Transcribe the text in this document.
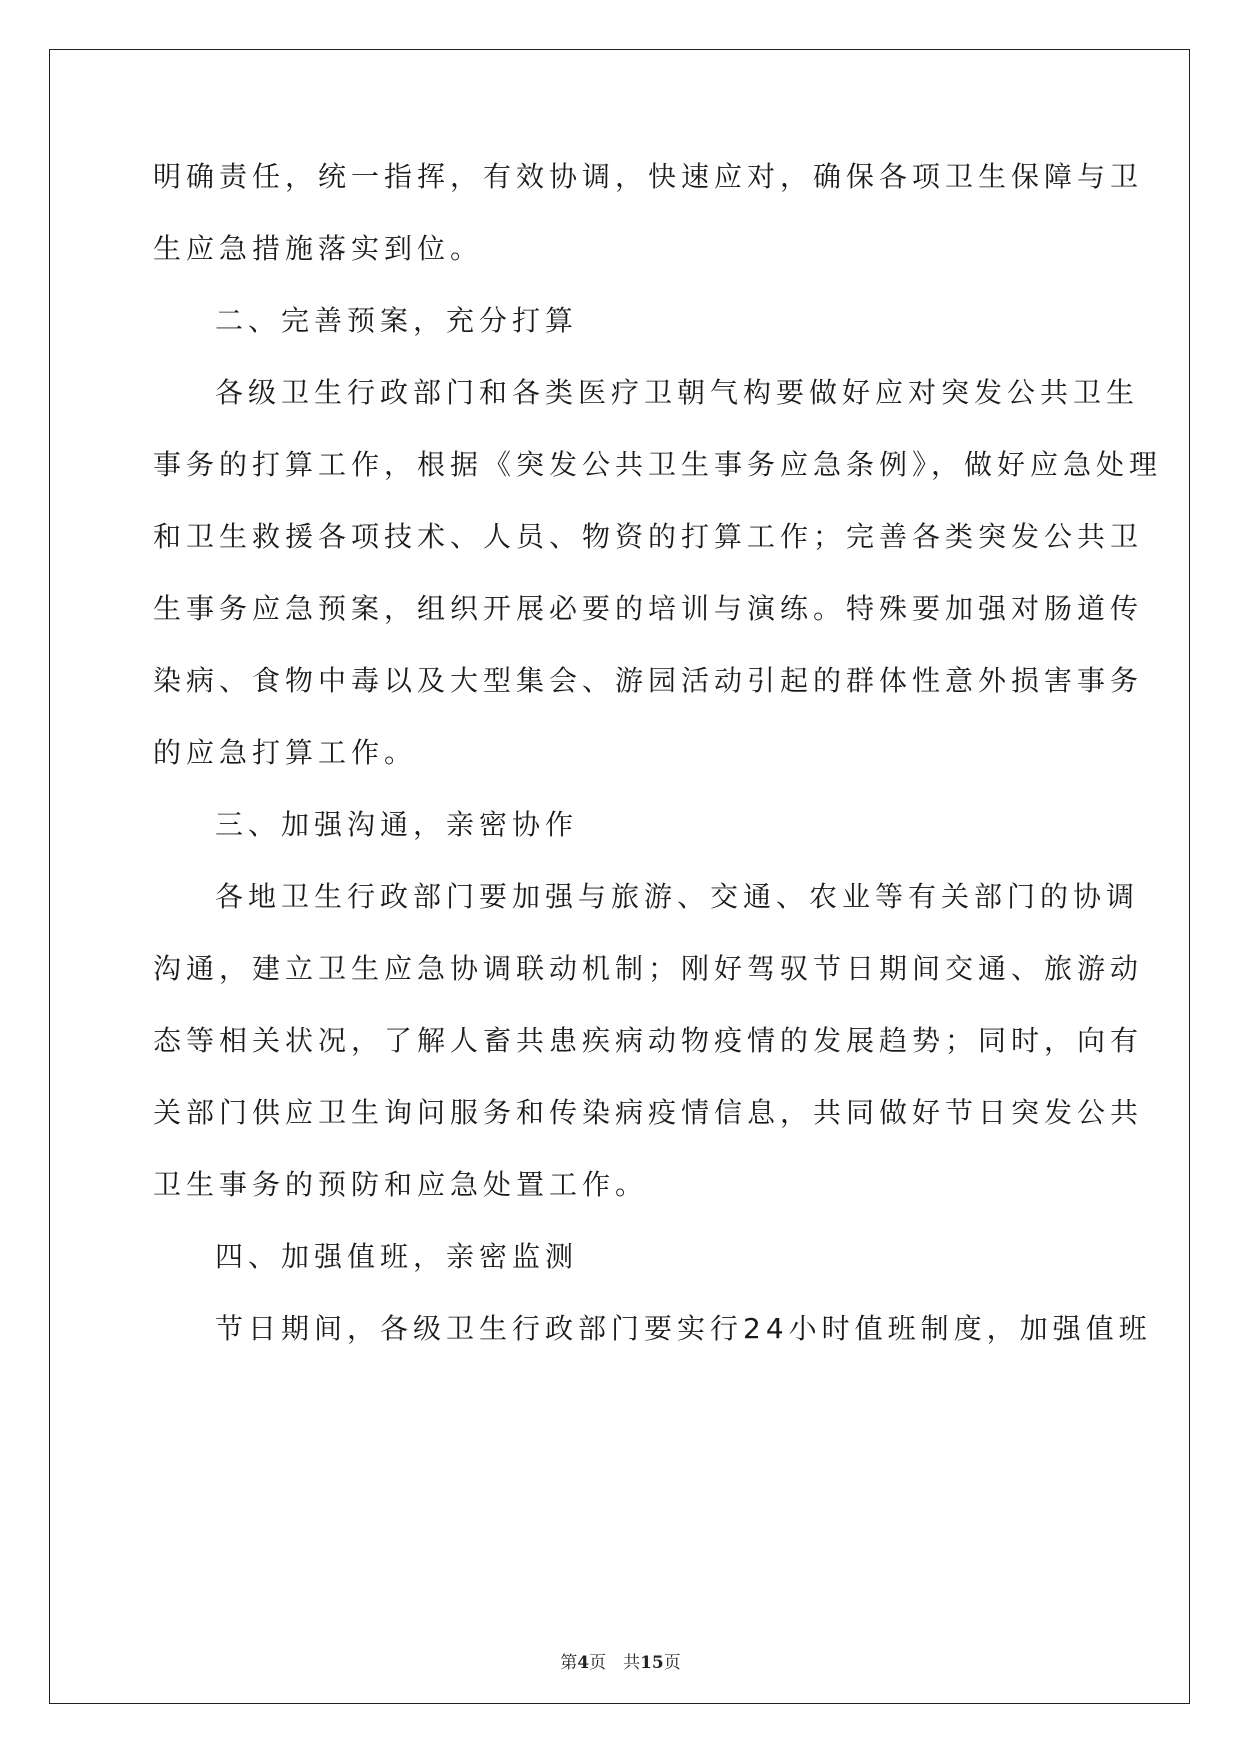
明确责任，统一指挥，有效协调，快速应对，确保各项卫生保障与卫
生应急措施落实到位。
二、完善预案，充分打算
各级卫生行政部门和各类医疗卫朝气构要做好应对突发公共卫生
事务的打算工作，根据《突发公共卫生事务应急条例》，做好应急处理
和卫生救援各项技术、人员、物资的打算工作；完善各类突发公共卫
生事务应急预案，组织开展必要的培训与演练。特殊要加强对肠道传
染病、食物中毒以及大型集会、游园活动引起的群体性意外损害事务
的应急打算工作。
三、加强沟通，亲密协作
各地卫生行政部门要加强与旅游、交通、农业等有关部门的协调
沟通，建立卫生应急协调联动机制；刚好驾驭节日期间交通、旅游动
态等相关状况，了解人畜共患疾病动物疫情的发展趋势；同时，向有
关部门供应卫生询问服务和传染病疫情信息，共同做好节日突发公共
卫生事务的预防和应急处置工作。
四、加强值班，亲密监测
节日期间，各级卫生行政部门要实行24小时值班制度，加强值班
第4页　共15页
